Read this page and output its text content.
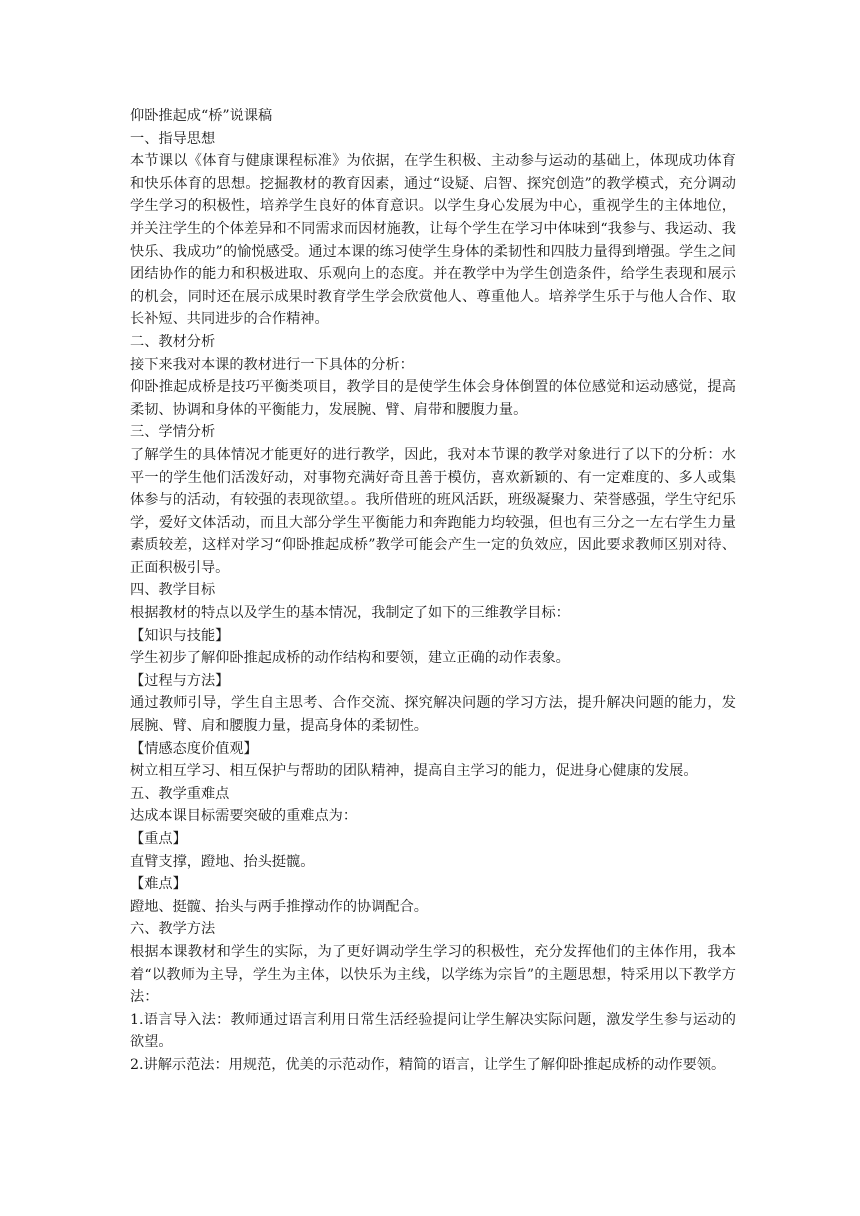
仰卧推起成“桥”说课稿

一、指导思想

本节课以《体育与健康课程标准》为依据，在学生积极、主动参与运动的基础上，体现成功体育和快乐体育的思想。挖掘教材的教育因素，通过“设疑、启智、探究创造”的教学模式，充分调动学生学习的积极性，培养学生良好的体育意识。以学生身心发展为中心，重视学生的主体地位，并关注学生的个体差异和不同需求而因材施教，让每个学生在学习中体味到“我参与、我运动、我快乐、我成功”的愉悦感受。通过本课的练习使学生身体的柔韧性和四肢力量得到增强。学生之间团结协作的能力和积极进取、乐观向上的态度。并在教学中为学生创造条件，给学生表现和展示的机会，同时还在展示成果时教育学生学会欣赏他人、尊重他人。培养学生乐于与他人合作、取长补短、共同进步的合作精神。

二、教材分析

接下来我对本课的教材进行一下具体的分析：

仰卧推起成桥是技巧平衡类项目，教学目的是使学生体会身体倒置的体位感觉和运动感觉，提高柔韧、协调和身体的平衡能力，发展腕、臂、肩带和腰腹力量。

三、学情分析

了解学生的具体情况才能更好的进行教学，因此，我对本节课的教学对象进行了以下的分析：水平一的学生他们活泼好动，对事物充满好奇且善于模仿，喜欢新颖的、有一定难度的、多人或集体参与的活动，有较强的表现欲望。。我所借班的班风活跃，班级凝聚力、荣誉感强，学生守纪乐学，爱好文体活动，而且大部分学生平衡能力和奔跑能力均较强，但也有三分之一左右学生力量素质较差，这样对学习“仰卧推起成桥”教学可能会产生一定的负效应，因此要求教师区别对待、正面积极引导。

四、教学目标

根据教材的特点以及学生的基本情况，我制定了如下的三维教学目标：

【知识与技能】

学生初步了解仰卧推起成桥的动作结构和要领，建立正确的动作表象。

【过程与方法】

通过教师引导，学生自主思考、合作交流、探究解决问题的学习方法，提升解决问题的能力，发展腕、臂、肩和腰腹力量，提高身体的柔韧性。

【情感态度价值观】

树立相互学习、相互保护与帮助的团队精神，提高自主学习的能力，促进身心健康的发展。

五、教学重难点

达成本课目标需要突破的重难点为：

【重点】

直臂支撑，蹬地、抬头挺髋。

【难点】

蹬地、挺髋、抬头与两手推撑动作的协调配合。

六、教学方法

根据本课教材和学生的实际，为了更好调动学生学习的积极性，充分发挥他们的主体作用，我本着“以教师为主导，学生为主体，以快乐为主线，以学练为宗旨”的主题思想，特采用以下教学方法：

1.语言导入法：教师通过语言利用日常生活经验提问让学生解决实际问题，激发学生参与运动的欲望。

2.讲解示范法：用规范，优美的示范动作，精简的语言，让学生了解仰卧推起成桥的动作要领。
